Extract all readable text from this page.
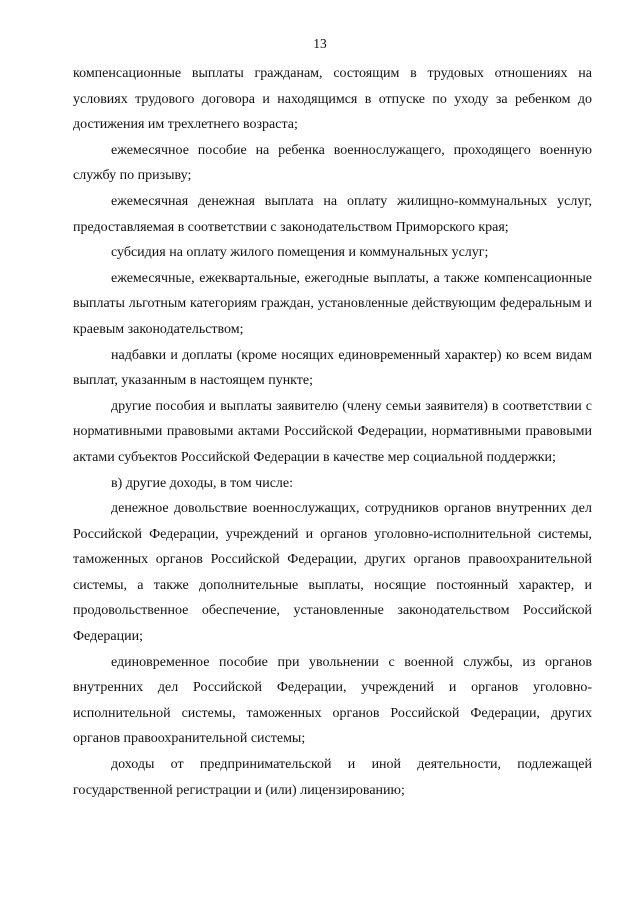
13

компенсационные выплаты гражданам, состоящим в трудовых отношениях на условиях трудового договора и находящимся в отпуске по уходу за ребенком до достижения им трехлетнего возраста;

ежемесячное пособие на ребенка военнослужащего, проходящего военную службу по призыву;

ежемесячная денежная выплата на оплату жилищно-коммунальных услуг, предоставляемая в соответствии с законодательством Приморского края;

субсидия на оплату жилого помещения и коммунальных услуг;

ежемесячные, ежеквартальные, ежегодные выплаты, а также компенсационные выплаты льготным категориям граждан, установленные действующим федеральным и краевым законодательством;

надбавки и доплаты (кроме носящих единовременный характер) ко всем видам выплат, указанным в настоящем пункте;

другие пособия и выплаты заявителю (члену семьи заявителя) в соответствии с нормативными правовыми актами Российской Федерации, нормативными правовыми актами субъектов Российской Федерации в качестве мер социальной поддержки;

в) другие доходы, в том числе:

денежное довольствие военнослужащих, сотрудников органов внутренних дел Российской Федерации, учреждений и органов уголовно-исполнительной системы, таможенных органов Российской Федерации, других органов правоохранительной системы, а также дополнительные выплаты, носящие постоянный характер, и продовольственное обеспечение, установленные законодательством Российской Федерации;

единовременное пособие при увольнении с военной службы, из органов внутренних дел Российской Федерации, учреждений и органов уголовно-исполнительной системы, таможенных органов Российской Федерации, других органов правоохранительной системы;

доходы от предпринимательской и иной деятельности, подлежащей государственной регистрации и (или) лицензированию;
